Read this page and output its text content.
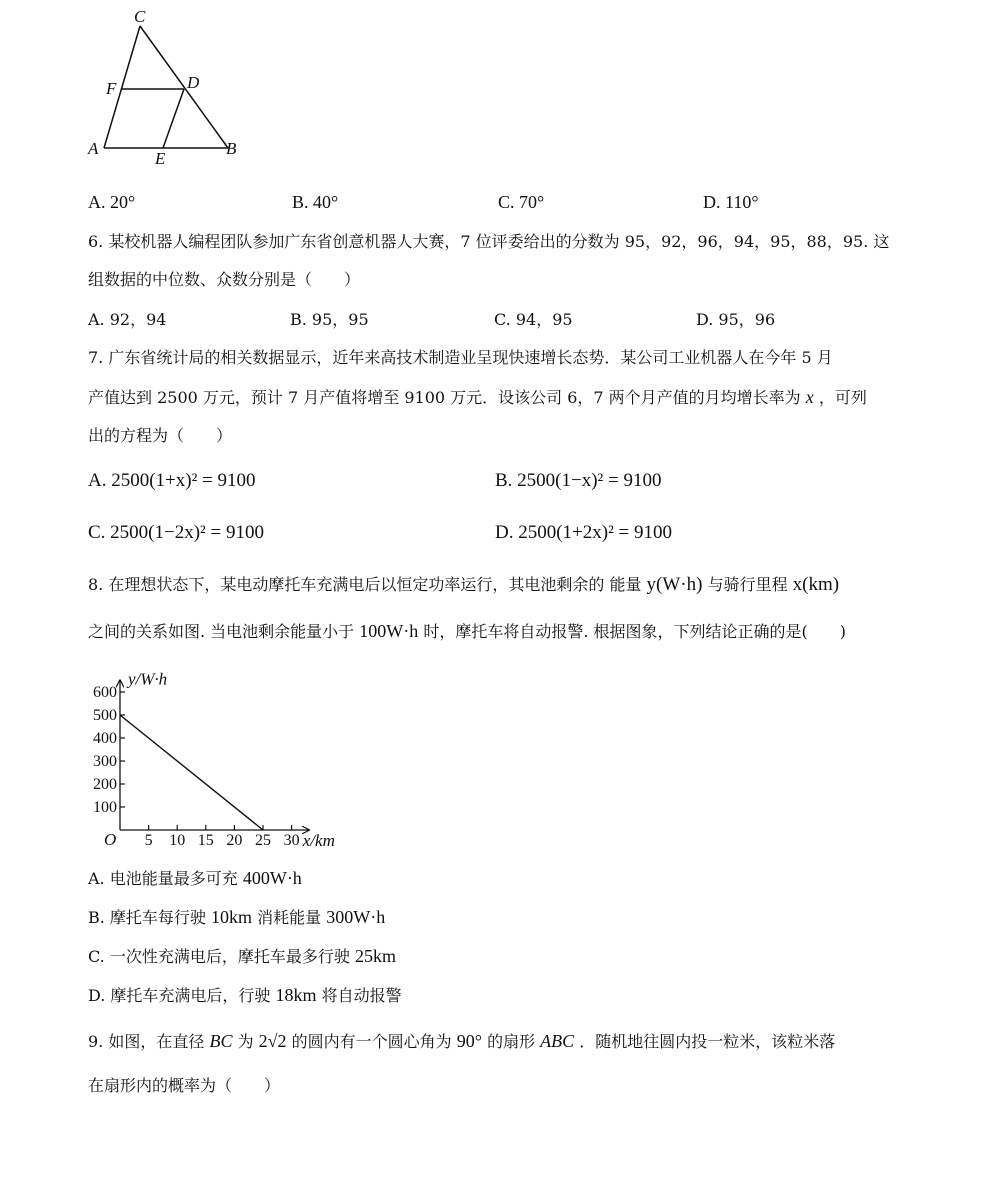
C
F	D
A
E
B
A. 20°	B. 40°	C. 70°	D. 110°
6. 某校机器人编程团队参加广东省创意机器人大赛，7 位评委给出的分数为 95，92，96，94，95，88，95. 这
组数据的中位数、众数分别是（　　）
A. 92，94	B. 95，95	C. 94，95	D. 95，96
7. 广东省统计局的相关数据显示，近年来高技术制造业呈现快速增长态势．某公司工业机器人在今年 5 月
产值达到 2500 万元，预计 7 月产值将增至 9100 万元．设该公司 6，7 两个月产值的月均增长率为 x ，可列
出的方程为（　　）
A. 2500(1+x)² = 9100	B. 2500(1−x)² = 9100
C. 2500(1−2x)² = 9100	D. 2500(1+2x)² = 9100
8. 在理想状态下，某电动摩托车充满电后以恒定功率运行，其电池剩余的 能量 y(W·h) 与骑行里程 x(km)
之间的关系如图. 当电池剩余能量小于 100W·h 时，摩托车将自动报警. 根据图象，下列结论正确的是(　　)
5 10 15 20 25 30
100
200
300
400
500
600
O
y/W·h
x/km
A. 电池能量最多可充 400W·h
B. 摩托车每行驶 10km 消耗能量 300W·h
C. 一次性充满电后，摩托车最多行驶 25km
D. 摩托车充满电后，行驶 18km 将自动报警
9. 如图，在直径 BC 为 2√2 的圆内有一个圆心角为 90° 的扇形 ABC ．随机地往圆内投一粒米，该粒米落
在扇形内的概率为（　　）
